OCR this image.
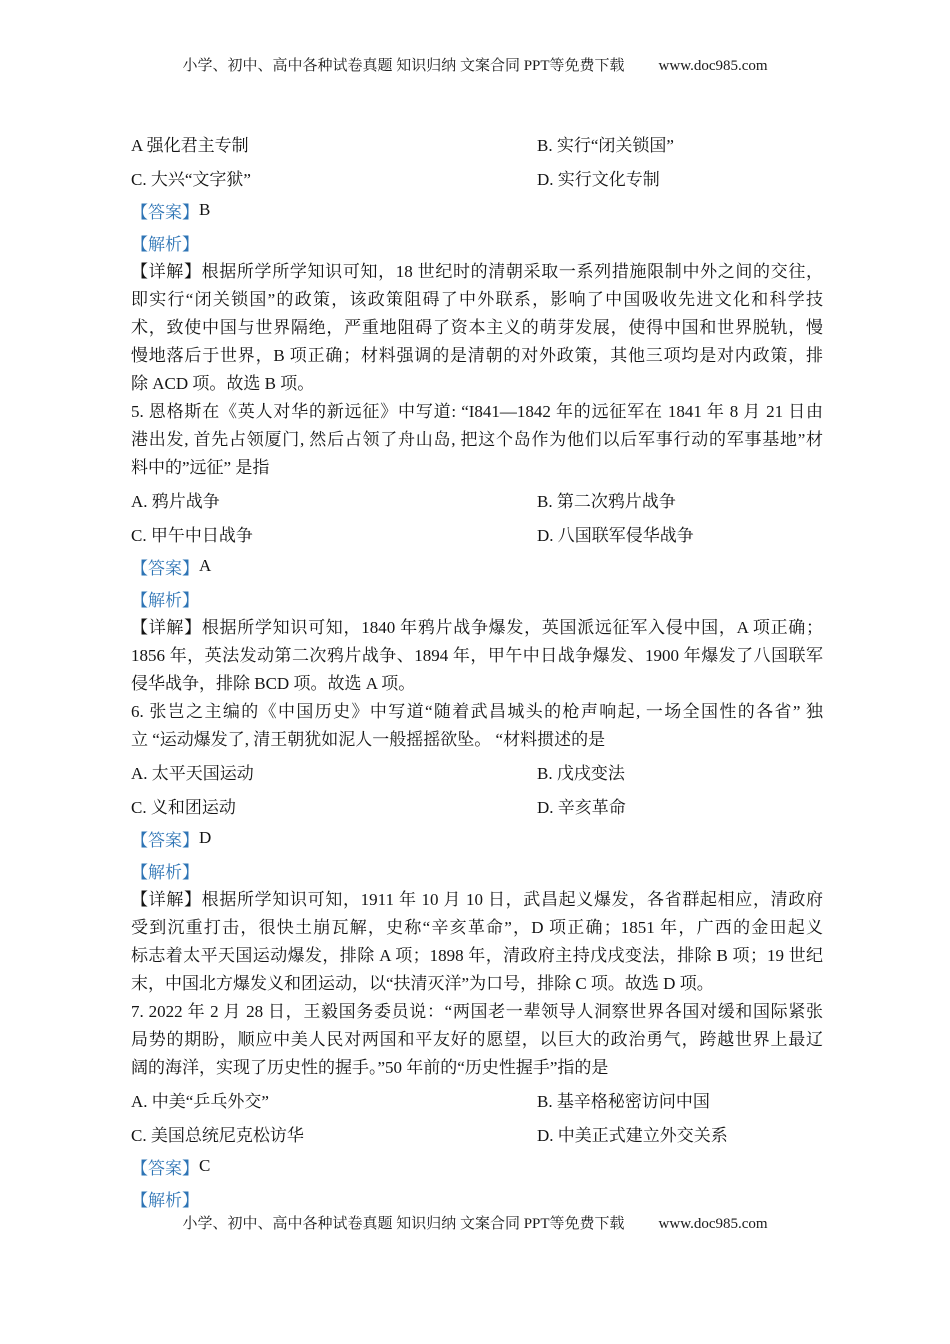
小学、初中、高中各种试卷真题 知识归纳 文案合同 PPT等免费下载 www.doc985.com
A 强化君主专制	B. 实行“闭关锁国”
C. 大兴“文字狱”	D. 实行文化专制
【答案】 B
【解析】
【详解】根据所学所学知识可知，18 世纪时的清朝采取一系列措施限制中外之间的交往，
即实行“闭关锁国”的政策，该政策阻碍了中外联系，影响了中国吸收先进文化和科学技
术，致使中国与世界隔绝，严重地阻碍了资本主义的萌芽发展，使得中国和世界脱轨，慢
慢地落后于世界，B 项正确；材料强调的是清朝的对外政策，其他三项均是对内政策，排
除 ACD 项。故选 B 项。
5. 恩格斯在《英人对华的新远征》中写道: “I841—1842 年的远征军在 1841 年 8 月 21 日由
港出发, 首先占领厦门, 然后占领了舟山岛, 把这个岛作为他们以后军事行动的军事基地”材
料中的”远征” 是指
A. 鸦片战争	B. 第二次鸦片战争
C. 甲午中日战争	D. 八国联军侵华战争
【答案】 A
【解析】
【详解】根据所学知识可知，1840 年鸦片战争爆发，英国派远征军入侵中国，A 项正确；
1856 年，英法发动第二次鸦片战争、1894 年，甲午中日战争爆发、1900 年爆发了八国联军
侵华战争，排除 BCD 项。故选 A 项。
6. 张岂之主编的《中国历史》中写道“随着武昌城头的枪声响起, 一场全国性的各省” 独
立 “运动爆发了, 清王朝犹如泥人一般摇摇欲坠。 “材料掼述的是
A. 太平天国运动	B. 戊戌变法
C. 义和团运动	D. 辛亥革命
【答案】 D
【解析】
【详解】根据所学知识可知，1911 年 10 月 10 日，武昌起义爆发，各省群起相应，清政府
受到沉重打击，很快土崩瓦解，史称“辛亥革命”，D 项正确；1851 年，广西的金田起义
标志着太平天国运动爆发，排除 A 项；1898 年，清政府主持戊戌变法，排除 B 项；19 世纪
末，中国北方爆发义和团运动，以“扶清灭洋”为口号，排除 C 项。故选 D 项。
7. 2022 年 2 月 28 日，王毅国务委员说：“两国老一辈领导人洞察世界各国对缓和国际紧张
局势的期盼，顺应中美人民对两国和平友好的愿望，以巨大的政治勇气，跨越世界上最辽
阔的海洋，实现了历史性的握手。”50 年前的“历史性握手”指的是
A. 中美“乒乓外交”	B. 基辛格秘密访问中国
C. 美国总统尼克松访华	D. 中美正式建立外交关系
【答案】 C
【解析】
小学、初中、高中各种试卷真题 知识归纳 文案合同 PPT等免费下载 www.doc985.com
